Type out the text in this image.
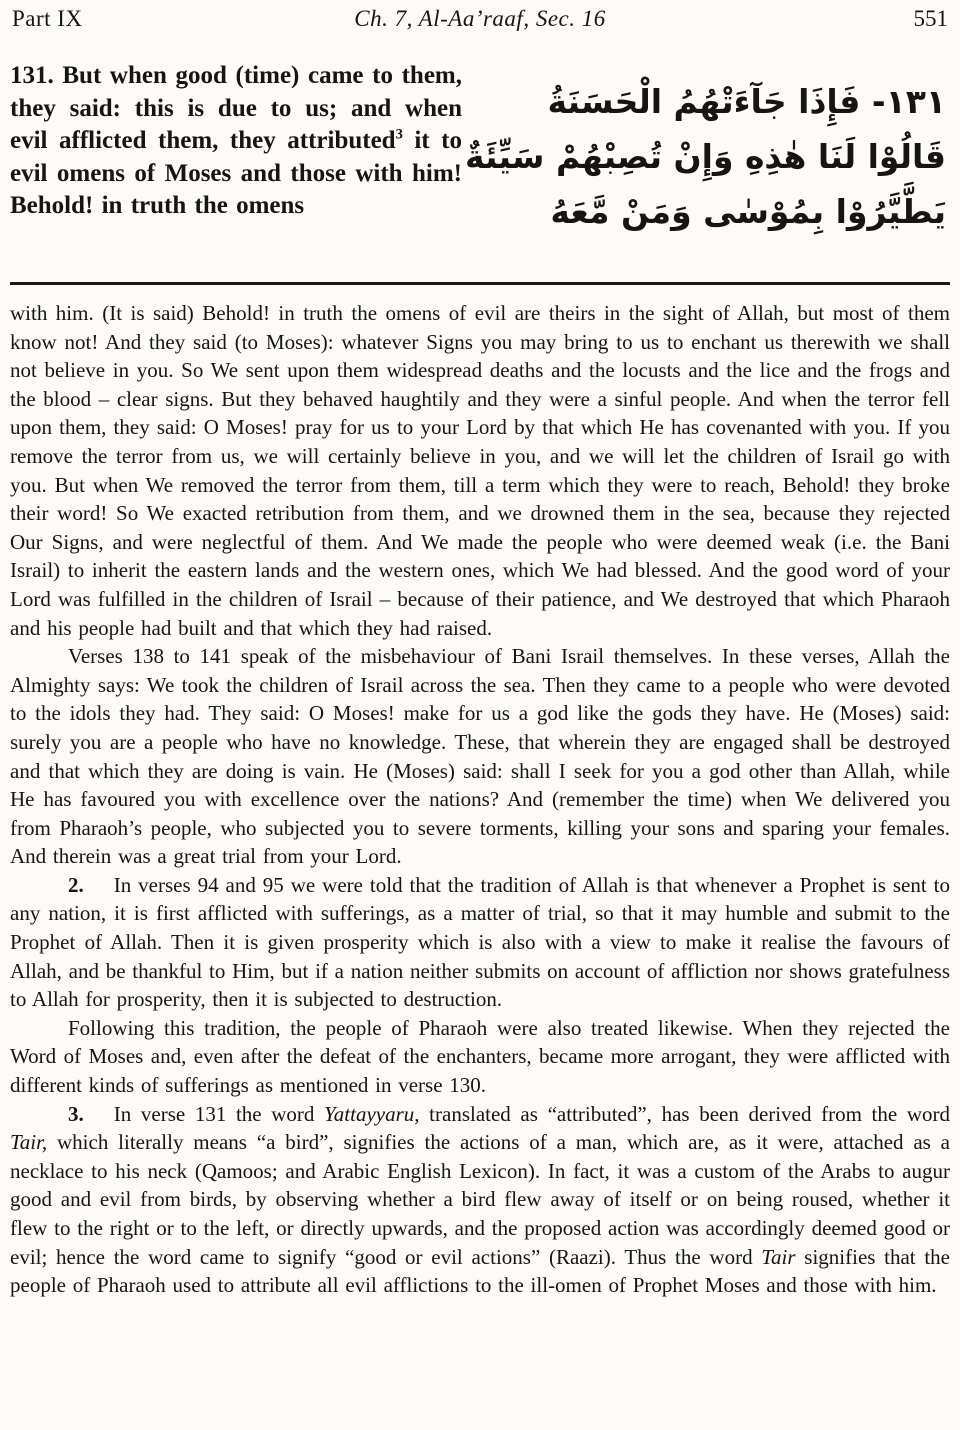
Part IX	Ch. 7, Al-Aa’raaf, Sec. 16	551
131. But when good (time) came to them, they said: this is due to us; and when evil afflicted them, they attributed$^3$ it to evil omens of Moses and those with him! Behold! in truth the omens
١٣١- فَإِذَا جَآءَتْهُمُ الْحَسَنَةُ
قَالُوْا لَنَا هٰذِهِ وَإِنْ تُصِبْهُمْ سَيِّئَةٌ
يَطَّيَّرُوْا بِمُوْسٰى وَمَنْ مَّعَهُ

with him. (It is said) Behold! in truth the omens of evil are theirs in the sight of Allah, but most of them know not! And they said (to Moses): whatever Signs you may bring to us to enchant us therewith we shall not believe in you. So We sent upon them widespread deaths and the locusts and the lice and the frogs and the blood – clear signs. But they behaved haughtily and they were a sinful people. And when the terror fell upon them, they said: O Moses! pray for us to your Lord by that which He has covenanted with you. If you remove the terror from us, we will certainly believe in you, and we will let the children of Israil go with you. But when We removed the terror from them, till a term which they were to reach, Behold! they broke their word! So We exacted retribution from them, and we drowned them in the sea, because they rejected Our Signs, and were neglectful of them. And We made the people who were deemed weak (i.e. the Bani Israil) to inherit the eastern lands and the western ones, which We had blessed. And the good word of your Lord was fulfilled in the children of Israil – because of their patience, and We destroyed that which Pharaoh and his people had built and that which they had raised.

Verses 138 to 141 speak of the misbehaviour of Bani Israil themselves. In these verses, Allah the Almighty says: We took the children of Israil across the sea. Then they came to a people who were devoted to the idols they had. They said: O Moses! make for us a god like the gods they have. He (Moses) said: surely you are a people who have no knowledge. These, that wherein they are engaged shall be destroyed and that which they are doing is vain. He (Moses) said: shall I seek for you a god other than Allah, while He has favoured you with excellence over the nations? And (remember the time) when We delivered you from Pharaoh’s people, who subjected you to severe torments, killing your sons and sparing your females. And therein was a great trial from your Lord.

2. In verses 94 and 95 we were told that the tradition of Allah is that whenever a Prophet is sent to any nation, it is first afflicted with sufferings, as a matter of trial, so that it may humble and submit to the Prophet of Allah. Then it is given prosperity which is also with a view to make it realise the favours of Allah, and be thankful to Him, but if a nation neither submits on account of affliction nor shows gratefulness to Allah for prosperity, then it is subjected to destruction.

Following this tradition, the people of Pharaoh were also treated likewise. When they rejected the Word of Moses and, even after the defeat of the enchanters, became more arrogant, they were afflicted with different kinds of sufferings as mentioned in verse 130.

3. In verse 131 the word Yattayyaru, translated as “attributed”, has been derived from the word Tair, which literally means “a bird”, signifies the actions of a man, which are, as it were, attached as a necklace to his neck (Qamoos; and Arabic English Lexicon). In fact, it was a custom of the Arabs to augur good and evil from birds, by observing whether a bird flew away of itself or on being roused, whether it flew to the right or to the left, or directly upwards, and the proposed action was accordingly deemed good or evil; hence the word came to signify “good or evil actions” (Raazi). Thus the word Tair signifies that the people of Pharaoh used to attribute all evil afflictions to the ill-omen of Prophet Moses and those with him.
